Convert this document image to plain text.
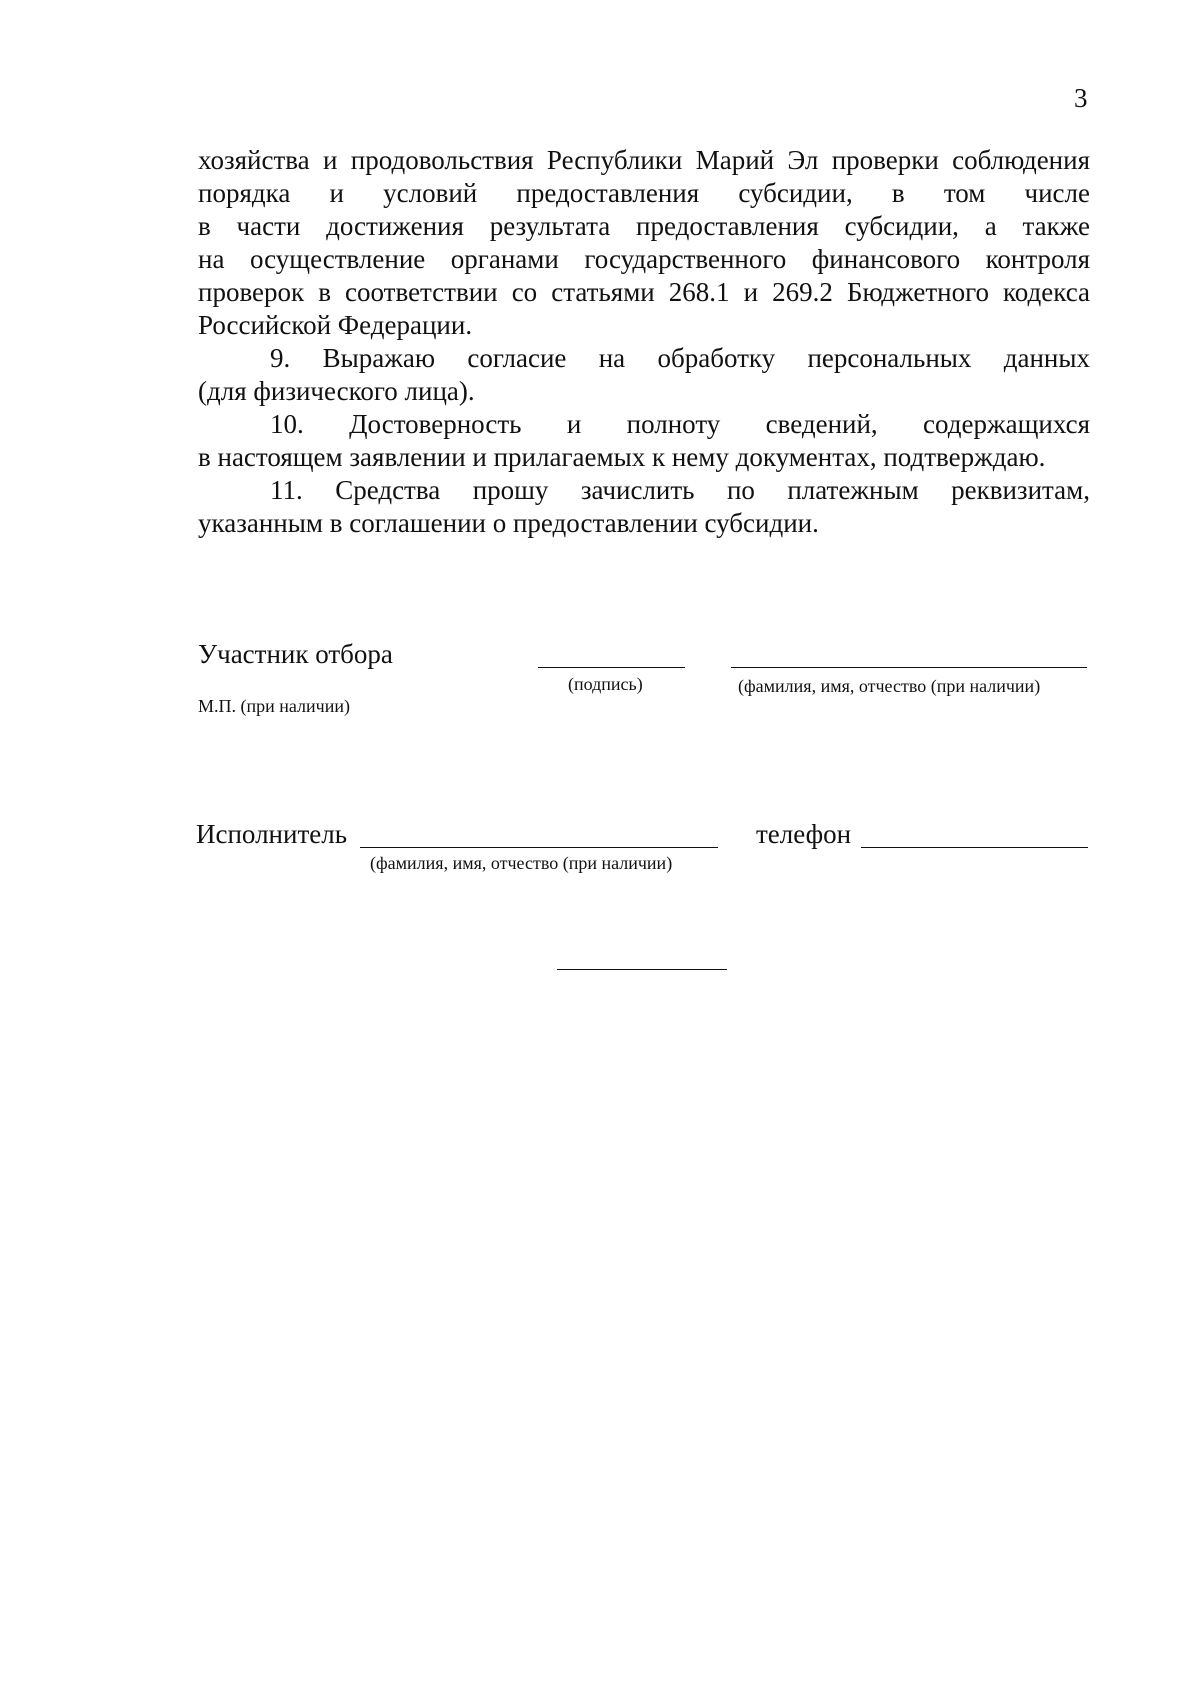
3

хозяйства и продовольствия Республики Марий Эл проверки соблюдения

порядка и условий предоставления субсидии, в том числе

в части достижения результата предоставления субсидии, а также

на осуществление органами государственного финансового контроля

проверок в соответствии со статьями 268.1 и 269.2 Бюджетного кодекса

Российской Федерации.

9. Выражаю согласие на обработку персональных данных

(для физического лица).

10. Достоверность и полноту сведений, содержащихся

в настоящем заявлении и прилагаемых к нему документах, подтверждаю.

11. Средства прошу зачислить по платежным реквизитам,

указанным в соглашении о предоставлении субсидии.

Участник отбора
(подпись)	(фамилия, имя, отчество (при наличии)
М.П. (при наличии)
Исполнитель
(фамилия, имя, отчество (при наличии)
телефон
